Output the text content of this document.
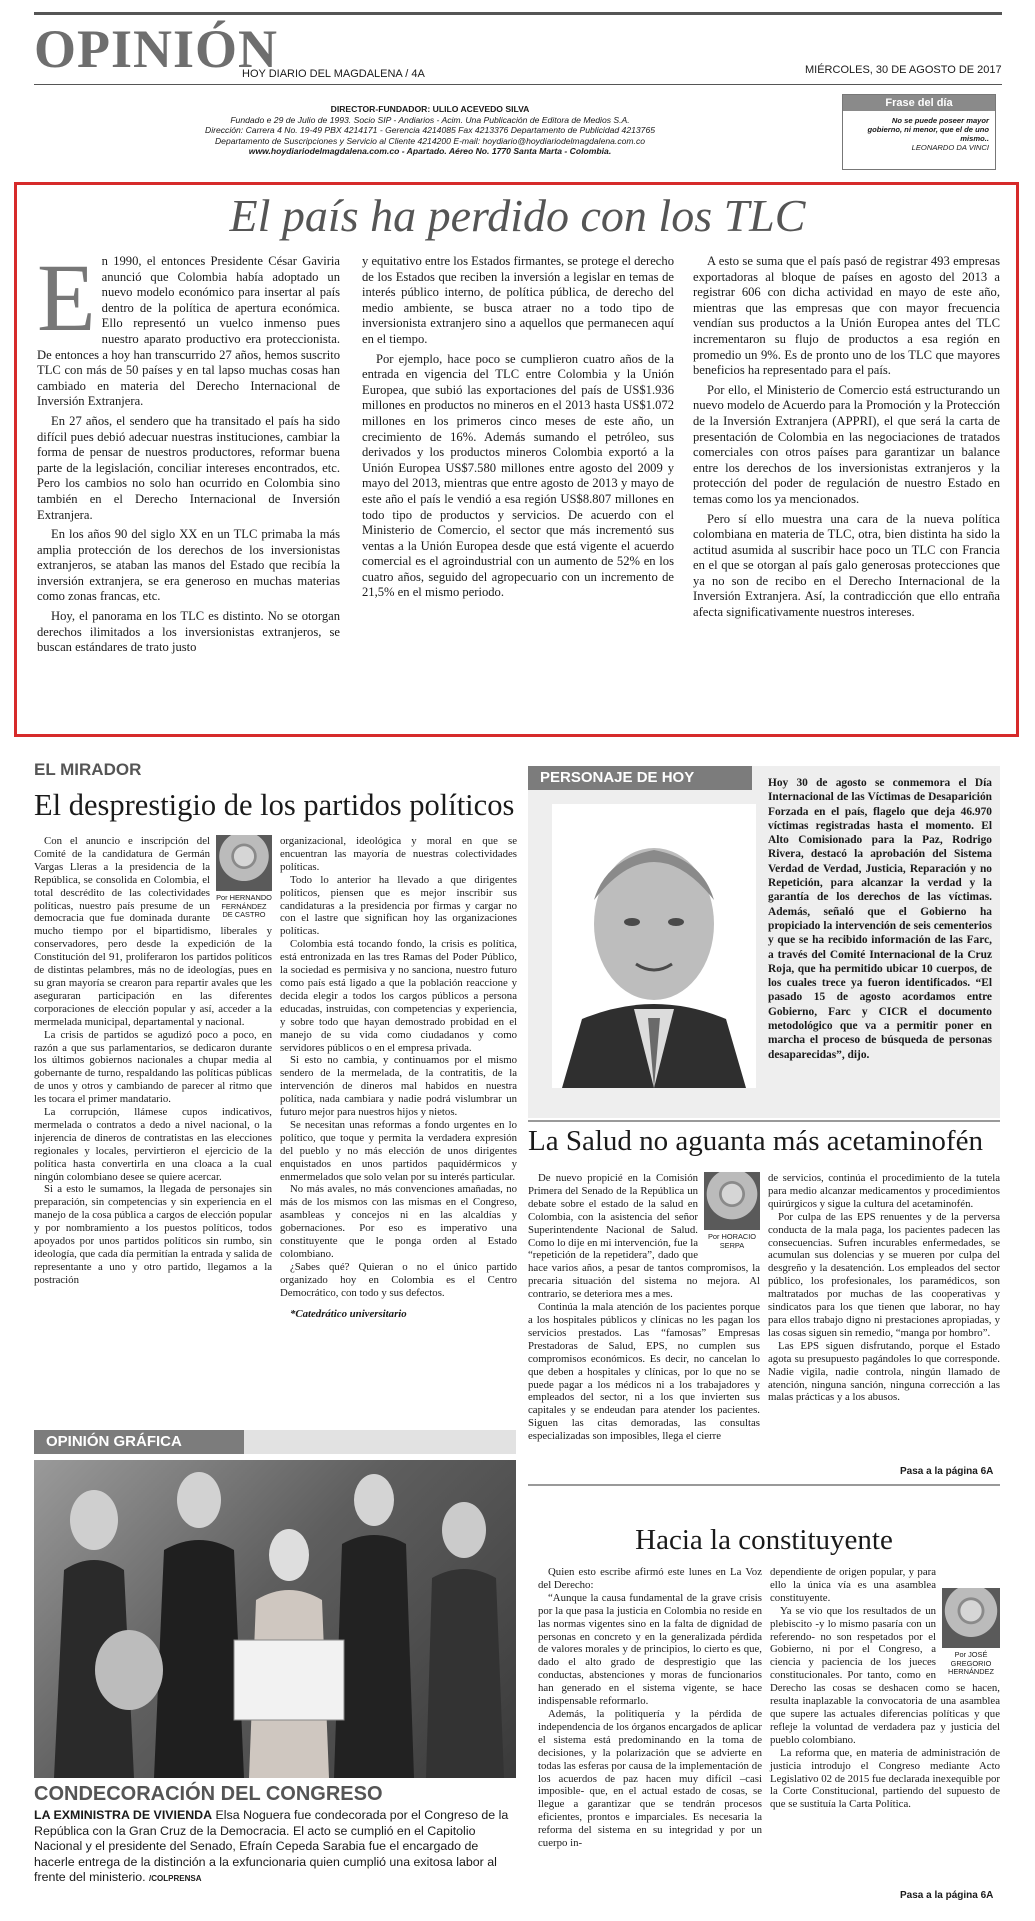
OPINIÓN
HOY DIARIO DEL MAGDALENA / 4A	MIÉRCOLES, 30 DE AGOSTO DE 2017
DIRECTOR-FUNDADOR: ULILO ACEVEDO SILVA
Fundado e 29 de Julio de 1993. Socio SIP - Andiarios - Acim. Una Publicación de Editora de Medios S.A.
Dirección: Carrera 4 No. 19-49 PBX 4214171 - Gerencia 4214085 Fax 4213376 Departamento de Publicidad 4213765
Departamento de Suscripciones y Servicio al Cliente 4214200 E-mail: hoydiario@hoydiariodelmagdalena.com.co
www.hoydiariodelmagdalena.com.co - Apartado. Aéreo No. 1770 Santa Marta - Colombia.
Frase del día
No se puede poseer mayor gobierno, ni menor, que el de uno mismo..
LEONARDO DA VINCI
El país ha perdido con los TLC
E n 1990, el entonces Presidente César Gaviria anunció que Colombia había adoptado un nuevo modelo económico para insertar al país dentro de la política de apertura económica. Ello representó un vuelco inmenso pues nuestro aparato productivo era proteccionista. De entonces a hoy han transcurrido 27 años, hemos suscrito TLC con más de 50 países y en tal lapso muchas cosas han cambiado en materia del Derecho Internacional de Inversión Extranjera.

En 27 años, el sendero que ha transitado el país ha sido difícil pues debió adecuar nuestras instituciones, cambiar la forma de pensar de nuestros productores, reformar buena parte de la legislación, conciliar intereses encontrados, etc. Pero los cambios no solo han ocurrido en Colombia sino también en el Derecho Internacional de Inversión Extranjera.

En los años 90 del siglo XX en un TLC primaba la más amplia protección de los derechos de los inversionistas extranjeros, se ataban las manos del Estado que recibía la inversión extranjera, se era generoso en muchas materias como zonas francas, etc.

Hoy, el panorama en los TLC es distinto. No se otorgan derechos ilimitados a los inversionistas extranjeros, se buscan estándares de trato justo

y equitativo entre los Estados firmantes, se protege el derecho de los Estados que reciben la inversión a legislar en temas de interés público interno, de política pública, de derecho del medio ambiente, se busca atraer no a todo tipo de inversionista extranjero sino a aquellos que permanecen aquí en el tiempo.

Por ejemplo, hace poco se cumplieron cuatro años de la entrada en vigencia del TLC entre Colombia y la Unión Europea, que subió las exportaciones del país de US$1.936 millones en productos no mineros en el 2013 hasta US$1.072 millones en los primeros cinco meses de este año, un crecimiento de 16%. Además sumando el petróleo, sus derivados y los productos mineros Colombia exportó a la Unión Europea US$7.580 millones entre agosto del 2009 y mayo del 2013, mientras que entre agosto de 2013 y mayo de este año el país le vendió a esa región US$8.807 millones en todo tipo de productos y servicios. De acuerdo con el Ministerio de Comercio, el sector que más incrementó sus ventas a la Unión Europea desde que está vigente el acuerdo comercial es el agroindustrial con un aumento de 52% en los cuatro años, seguido del agropecuario con un incremento de 21,5% en el mismo periodo.

A esto se suma que el país pasó de registrar 493 empresas exportadoras al bloque de países en agosto del 2013 a registrar 606 con dicha actividad en mayo de este año, mientras que las empresas que con mayor frecuencia vendían sus productos a la Unión Europea antes del TLC incrementaron su flujo de productos a esa región en promedio un 9%. Es de pronto uno de los TLC que mayores beneficios ha representado para el país.

Por ello, el Ministerio de Comercio está estructurando un nuevo modelo de Acuerdo para la Promoción y la Protección de la Inversión Extranjera (APPRI), el que será la carta de presentación de Colombia en las negociaciones de tratados comerciales con otros países para garantizar un balance entre los derechos de los inversionistas extranjeros y la protección del poder de regulación de nuestro Estado en temas como los ya mencionados.

Pero sí ello muestra una cara de la nueva política colombiana en materia de TLC, otra, bien distinta ha sido la actitud asumida al suscribir hace poco un TLC con Francia en el que se otorgan al país galo generosas protecciones que ya no son de recibo en el Derecho Internacional de la Inversión Extranjera. Así, la contradicción que ello entraña afecta significativamente nuestros intereses.

EL MIRADOR
El desprestigio de los partidos políticos
Por HERNANDO FERNÁNDEZ DE CASTRO

Con el anuncio e inscripción del Comité de la candidatura de Germán Vargas Lleras a la presidencia de la República, se consolida en Colombia, el total descrédito de las colectividades políticas, nuestro país presume de un democracia que fue dominada durante mucho tiempo por el bipartidismo, liberales y conservadores, pero desde la expedición de la Constitución del 91, proliferaron los partidos políticos de distintas pelambres, más no de ideologías, pues en su gran mayoría se crearon para repartir avales que les aseguraran participación en las diferentes corporaciones de elección popular y así, acceder a la mermelada municipal, departamental y nacional.

La crisis de partidos se agudizó poco a poco, en razón a que sus parlamentarios, se dedicaron durante los últimos gobiernos nacionales a chupar media al gobernante de turno, respaldando las políticas públicas de unos y otros y cambiando de parecer al ritmo que les tocara el primer mandatario.

La corrupción, llámese cupos indicativos, mermelada o contratos a dedo a nivel nacional, o la injerencia de dineros de contratistas en las elecciones regionales y locales, pervirtieron el ejercicio de la política hasta convertirla en una cloaca a la cual ningún colombiano desee se quiere acercar.

Si a esto le sumamos, la llegada de personajes sin preparación, sin competencias y sin experiencia en el manejo de la cosa pública a cargos de elección popular y por nombramiento a los puestos políticos, todos apoyados por unos partidos políticos sin rumbo, sin ideología, que cada día permitían la entrada y salida de representante a uno y otro partido, llegamos a la postración

organizacional, ideológica y moral en que se encuentran las mayoría de nuestras colectividades políticas.

Todo lo anterior ha llevado a que dirigentes políticos, piensen que es mejor inscribir sus candidaturas a la presidencia por firmas y cargar no con el lastre que significan hoy las organizaciones políticas.

Colombia está tocando fondo, la crisis es política, está entronizada en las tres Ramas del Poder Público, la sociedad es permisiva y no sanciona, nuestro futuro como país está ligado a que la población reaccione y decida elegir a todos los cargos públicos a persona educadas, instruidas, con competencias y experiencia, y sobre todo que hayan demostrado probidad en el manejo de su vida como ciudadanos y como servidores públicos o en el empresa privada.

Si esto no cambia, y continuamos por el mismo sendero de la mermelada, de la contratitis, de la intervención de dineros mal habidos en nuestra política, nada cambiara y nadie podrá vislumbrar un futuro mejor para nuestros hijos y nietos.

Se necesitan unas reformas a fondo urgentes en lo político, que toque y permita la verdadera expresión del pueblo y no más elección de unos dirigentes enquistados en unos partidos paquidérmicos y enmermelados que solo velan por su interés particular.

No más avales, no más convenciones amañadas, no más de los mismos con las mismas en el Congreso, asambleas y concejos ni en las alcaldías y gobernaciones. Por eso es imperativo una constituyente que le ponga orden al Estado colombiano.

¿Sabes qué? Quieran o no el único partido organizado hoy en Colombia es el Centro Democrático, con todo y sus defectos.

*Catedrático universitario

PERSONAJE DE HOY	Hoy 30 de agosto se conmemora el Día Internacional de las Víctimas de Desaparición Forzada en el país, flagelo que deja 46.970 víctimas registradas hasta el momento. El Alto Comisionado para la Paz, Rodrigo Rivera, destacó la aprobación del Sistema Verdad de Verdad, Justicia, Reparación y no Repetición, para alcanzar la verdad y la garantía de los derechos de las víctimas. Además, señaló que el Gobierno ha propiciado la intervención de seis cementerios y que se ha recibido información de las Farc, a través del Comité Internacional de la Cruz Roja, que ha permitido ubicar 10 cuerpos, de los cuales trece ya fueron identificados. “El pasado 15 de agosto acordamos entre Gobierno, Farc y CICR el documento metodológico que va a permitir poner en marcha el proceso de búsqueda de personas desaparecidas”, dijo.
La Salud no aguanta más acetaminofén
Por HORACIO SERPA

De nuevo propicié en la Comisión Primera del Senado de la República un debate sobre el estado de la salud en Colombia, con la asistencia del señor Superintendente Nacional de Salud. Como lo dije en mi intervención, fue la “repetición de la repetidera”, dado que hace varios años, a pesar de tantos compromisos, la precaria situación del sistema no mejora. Al contrario, se deteriora mes a mes.

Continúa la mala atención de los pacientes porque a los hospitales públicos y clínicas no les pagan los servicios prestados. Las “famosas” Empresas Prestadoras de Salud, EPS, no cumplen sus compromisos económicos. Es decir, no cancelan lo que deben a hospitales y clínicas, por lo que no se puede pagar a los médicos ni a los trabajadores y empleados del sector, ni a los que invierten sus capitales y se endeudan para atender los pacientes. Siguen las citas demoradas, las consultas especializadas son imposibles, llega el cierre

de servicios, continúa el procedimiento de la tutela para medio alcanzar medicamentos y procedimientos quirúrgicos y sigue la cultura del acetaminofén.

Por culpa de las EPS renuentes y de la perversa conducta de la mala paga, los pacientes padecen las consecuencias. Sufren incurables enfermedades, se acumulan sus dolencias y se mueren por culpa del desgreño y la desatención. Los empleados del sector público, los profesionales, los paramédicos, son maltratados por muchas de las cooperativas y sindicatos para los que tienen que laborar, no hay para ellos trabajo digno ni prestaciones apropiadas, y las cosas siguen sin remedio, “manga por hombro”.

Las EPS siguen disfrutando, porque el Estado agota su presupuesto pagándoles lo que corresponde. Nadie vigila, nadie controla, ningún llamado de atención, ninguna sanción, ninguna corrección a las malas prácticas y a los abusos.

Pasa a la página 6A
OPINIÓN GRÁFICA
CONDECORACIÓN DEL CONGRESO
LA EXMINISTRA DE VIVIENDA Elsa Noguera fue condecorada por el Congreso de la República con la Gran Cruz de la Democracia. El acto se cumplió en el Capitolio Nacional y el presidente del Senado, Efraín Cepeda Sarabia fue el encargado de hacerle entrega de la distinción a la exfuncionaria quien cumplió una exitosa labor al frente del ministerio. /COLPRENSA
Hacia la constituyente

Quien esto escribe afirmó este lunes en La Voz del Derecho:

“Aunque la causa fundamental de la grave crisis por la que pasa la justicia en Colombia no reside en las normas vigentes sino en la falta de dignidad de personas en concreto y en la generalizada pérdida de valores morales y de principios, lo cierto es que, dado el alto grado de desprestigio que las conductas, abstenciones y moras de funcionarios han generado en el sistema vigente, se hace indispensable reformarlo.

Además, la politiquería y la pérdida de independencia de los órganos encargados de aplicar el sistema está predominando en la toma de decisiones, y la polarización que se advierte en todas las esferas por causa de la implementación de los acuerdos de paz hacen muy difícil –casi imposible- que, en el actual estado de cosas, se llegue a garantizar que se tendrán procesos eficientes, prontos e imparciales. Es necesaria la reforma del sistema en su integridad y por un cuerpo in-

Por JOSÉ GREGORIO HERNÁNDEZ

dependiente de origen popular, y para ello la única vía es una asamblea constituyente.

Ya se vio que los resultados de un plebiscito -y lo mismo pasaría con un referendo- no son respetados por el Gobierno, ni por el Congreso, a ciencia y paciencia de los jueces constitucionales. Por tanto, como en Derecho las cosas se deshacen como se hacen, resulta inaplazable la convocatoria de una asamblea que supere las actuales diferencias políticas y que refleje la voluntad de verdadera paz y justicia del pueblo colombiano.

La reforma que, en materia de administración de justicia introdujo el Congreso mediante Acto Legislativo 02 de 2015 fue declarada inexequible por la Corte Constitucional, partiendo del supuesto de que se sustituía la Carta Política.

Pasa a la página 6A
